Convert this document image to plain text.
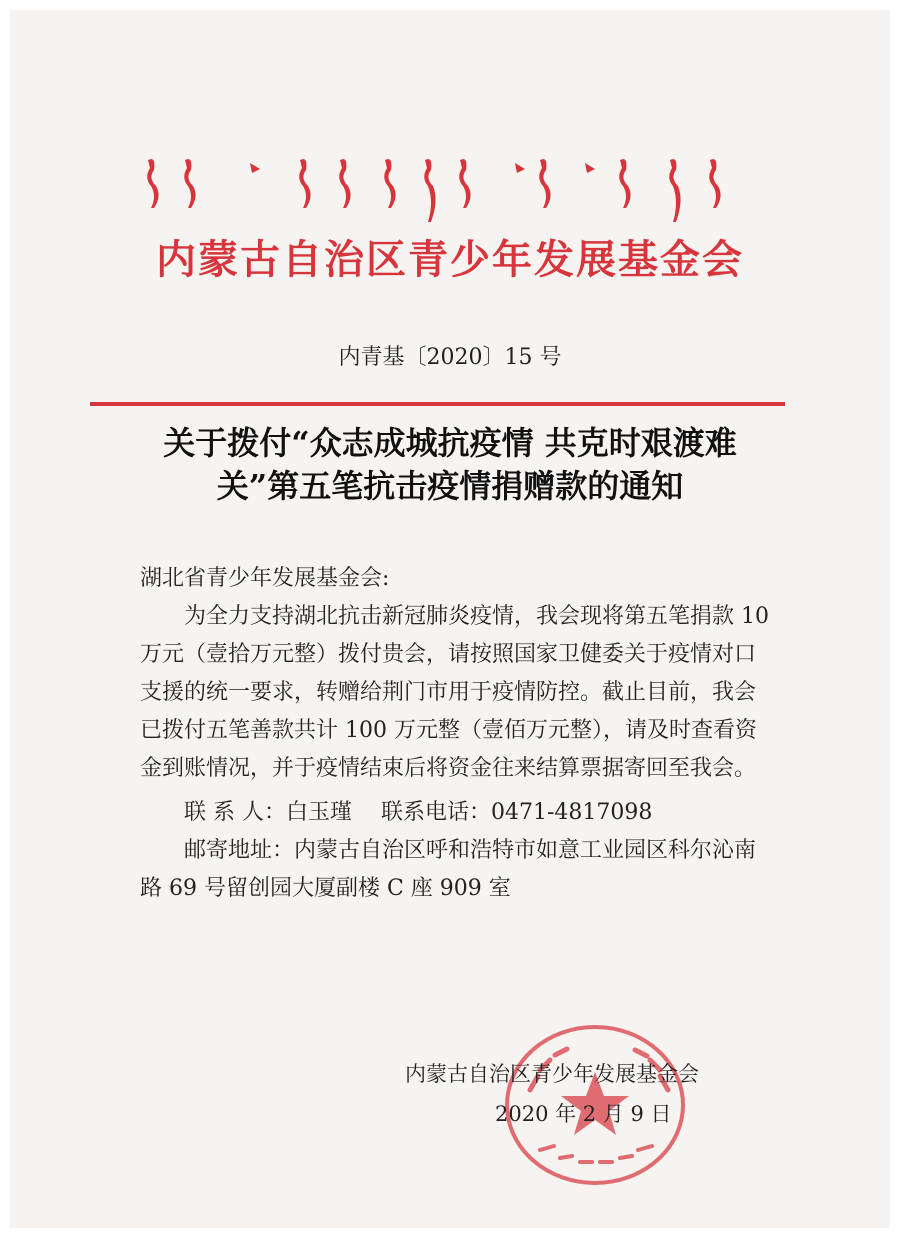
内蒙古自治区青少年发展基金会
内青基〔2020〕15 号
关于拨付“众志成城抗疫情 共克时艰渡难
关”第五笔抗击疫情捐赠款的通知

湖北省青少年发展基金会:

为全力支持湖北抗击新冠肺炎疫情，我会现将第五笔捐款 10 万元（壹拾万元整）拨付贵会，请按照国家卫健委关于疫情对口支援的统一要求，转赠给荆门市用于疫情防控。截止目前，我会已拨付五笔善款共计 100 万元整（壹佰万元整），请及时查看资金到账情况，并于疫情结束后将资金往来结算票据寄回至我会。

联 系 人：白玉瑾　 联系电话：0471-4817098

邮寄地址：内蒙古自治区呼和浩特市如意工业园区科尔沁南路 69 号留创园大厦副楼 C 座 909 室

内蒙古自治区青少年发展基金会
2020 年 2 月 9 日
